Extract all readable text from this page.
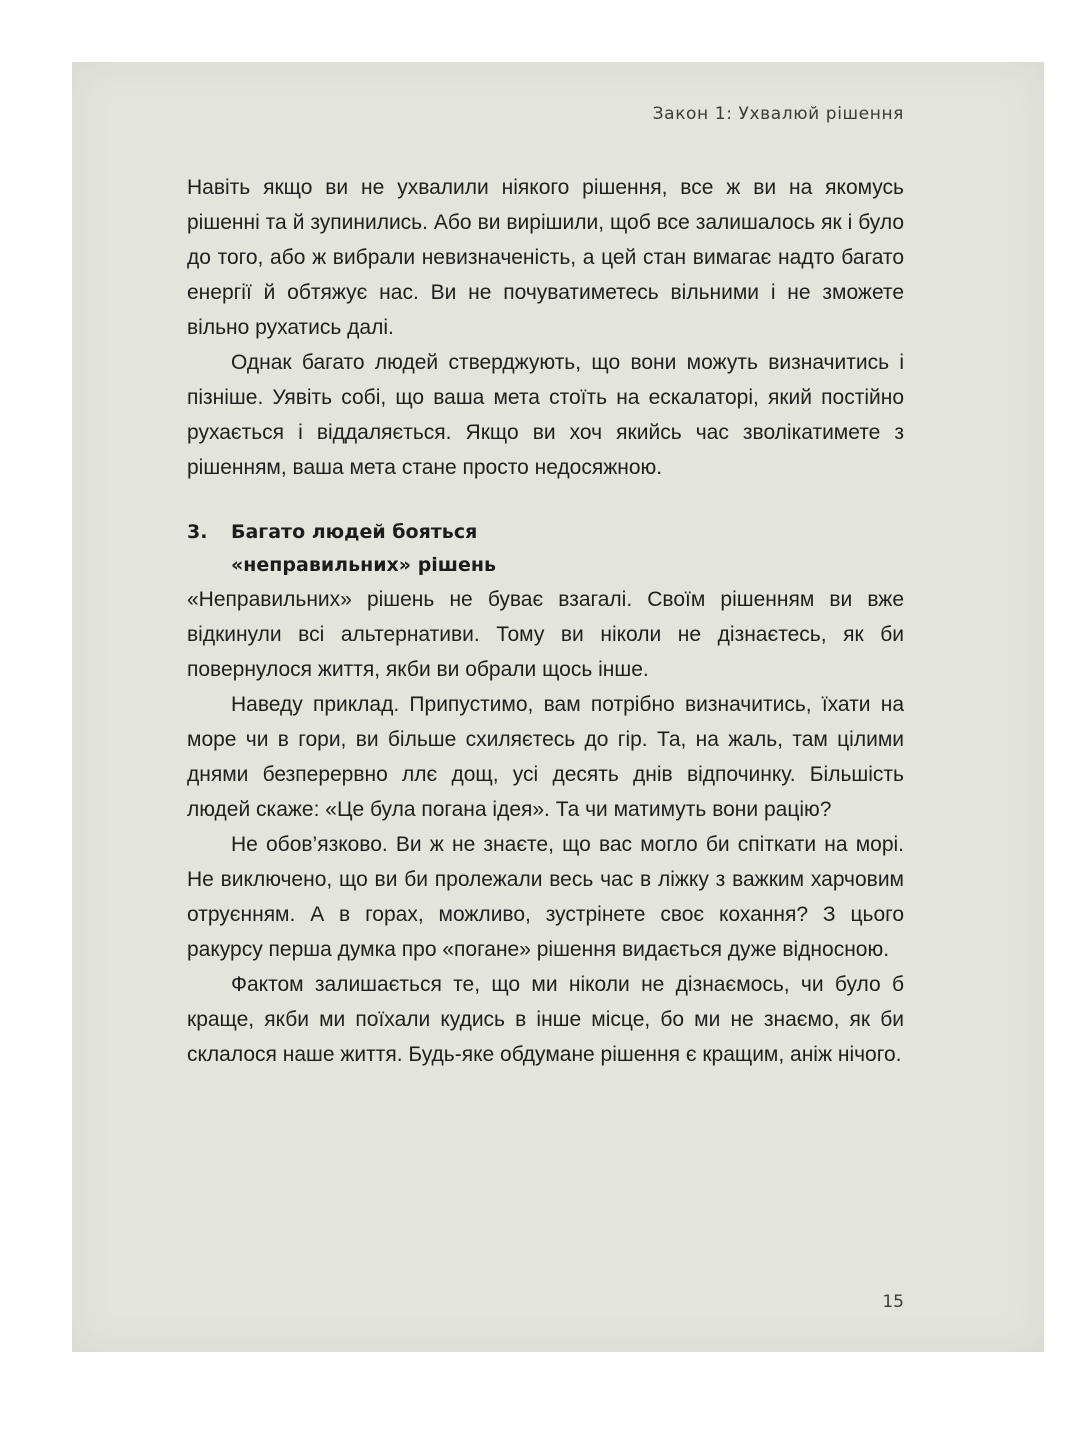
Закон 1: Ухвалюй рішення

Навіть якщо ви не ухвалили ніякого рішення, все ж ви на якомусь рішенні та й зупинились. Або ви вирішили, щоб все залишалось як і було до того, або ж вибрали невизначеність, а цей стан вимагає надто багато енергії й обтяжує нас. Ви не почуватиметесь вільними і не зможете вільно рухатись далі.

Однак багато людей стверджують, що вони можуть визначитись і пізніше. Уявіть собі, що ваша мета стоїть на ескалаторі, який постійно рухається і віддаляється. Якщо ви хоч якийсь час зволікатимете з рішенням, ваша мета стане просто недосяжною.

3.	Багато людей бояться
«неправильних» рішень

«Неправильних» рішень не буває взагалі. Своїм рішенням ви вже відкинули всі альтернативи. Тому ви ніколи не дізнаєтесь, як би повернулося життя, якби ви обрали щось інше.

Наведу приклад. Припустимо, вам потрібно визначитись, їхати на море чи в гори, ви більше схиляєтесь до гір. Та, на жаль, там цілими днями безперервно ллє дощ, усі десять днів відпочинку. Більшість людей скаже: «Це була погана ідея». Та чи матимуть вони рацію?

Не обов’язково. Ви ж не знаєте, що вас могло би спіткати на морі. Не виключено, що ви би пролежали весь час в ліжку з важким харчовим отруєнням. А в горах, можливо, зустрінете своє кохання? З цього ракурсу перша думка про «погане» рішення видається дуже відносною.

Фактом залишається те, що ми ніколи не дізнаємось, чи було б краще, якби ми поїхали кудись в інше місце, бо ми не знаємо, як би склалося наше життя. Будь-яке обдумане рішення є кращим, аніж нічого.

15
